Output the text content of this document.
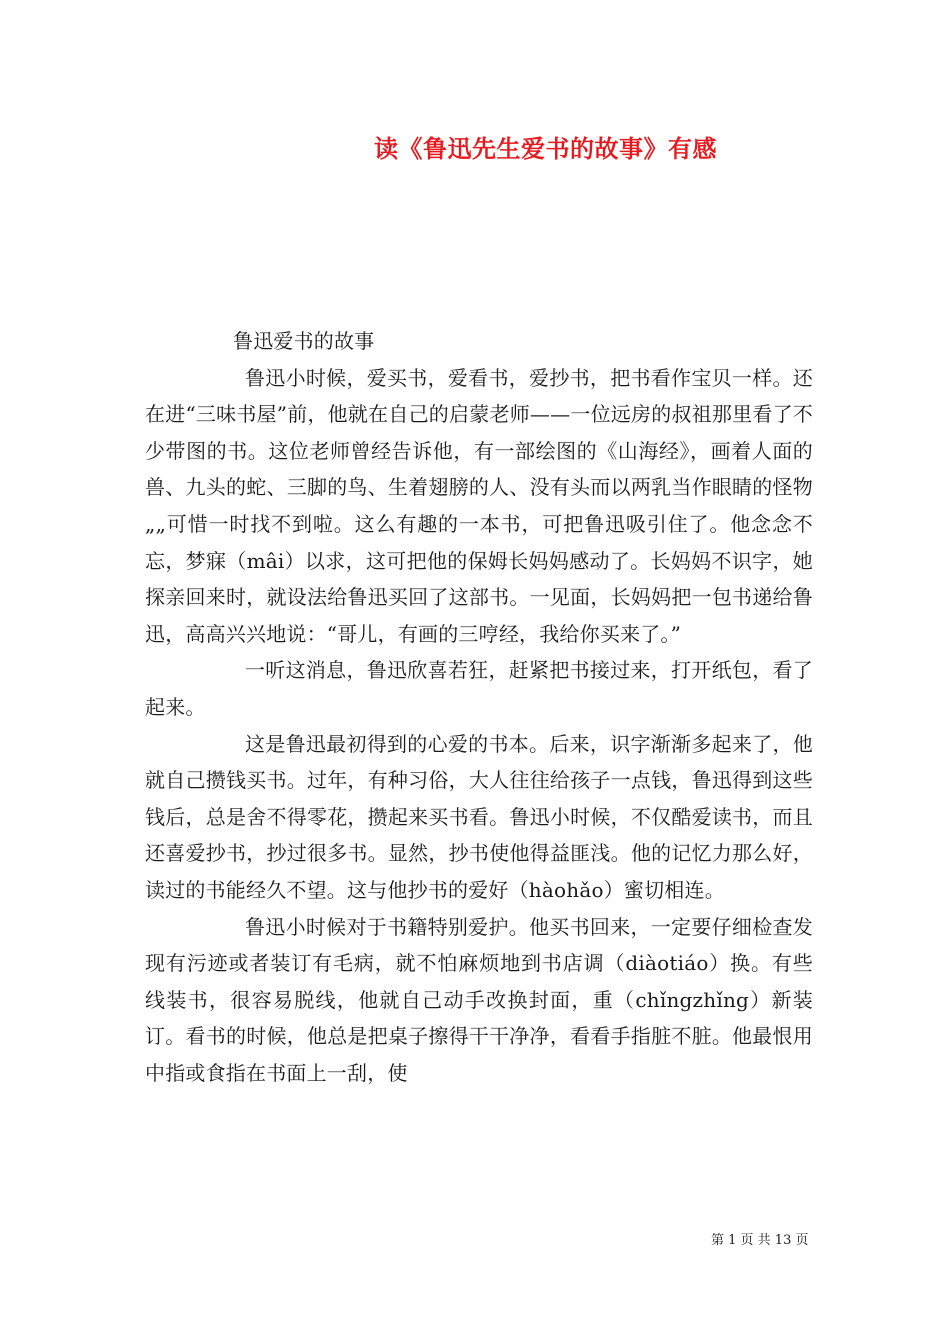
读《鲁迅先生爱书的故事》有感

鲁迅爱书的故事

鲁迅小时候，爱买书，爱看书，爱抄书，把书看作宝贝一样。还在进“三味书屋”前，他就在自己的启蒙老师——一位远房的叔祖那里看了不少带图的书。这位老师曾经告诉他，有一部绘图的《山海经》，画着人面的兽、九头的蛇、三脚的鸟、生着翅膀的人、没有头而以两乳当作眼睛的怪物„„可惜一时找不到啦。这么有趣的一本书，可把鲁迅吸引住了。他念念不忘，梦寐（mâi）以求，这可把他的保姆长妈妈感动了。长妈妈不识字，她探亲回来时，就设法给鲁迅买回了这部书。一见面，长妈妈把一包书递给鲁迅，高高兴兴地说：“哥儿，有画的三哼经，我给你买来了。”

一听这消息，鲁迅欣喜若狂，赶紧把书接过来，打开纸包，看了起来。

这是鲁迅最初得到的心爱的书本。后来，识字渐渐多起来了，他就自己攒钱买书。过年，有种习俗，大人往往给孩子一点钱，鲁迅得到这些钱后，总是舍不得零花，攒起来买书看。鲁迅小时候，不仅酷爱读书，而且还喜爱抄书，抄过很多书。显然，抄书使他得益匪浅。他的记忆力那么好，读过的书能经久不望。这与他抄书的爱好（hàohǎo）蜜切相连。

鲁迅小时候对于书籍特别爱护。他买书回来，一定要仔细检查发现有污迹或者装订有毛病，就不怕麻烦地到书店调（diàotiáo）换。有些线装书，很容易脱线，他就自己动手改换封面，重（chǐngzhǐng）新装订。看书的时候，他总是把桌子擦得干干净净，看看手指脏不脏。他最恨用中指或食指在书面上一刮，使

第 1 页 共 13 页
